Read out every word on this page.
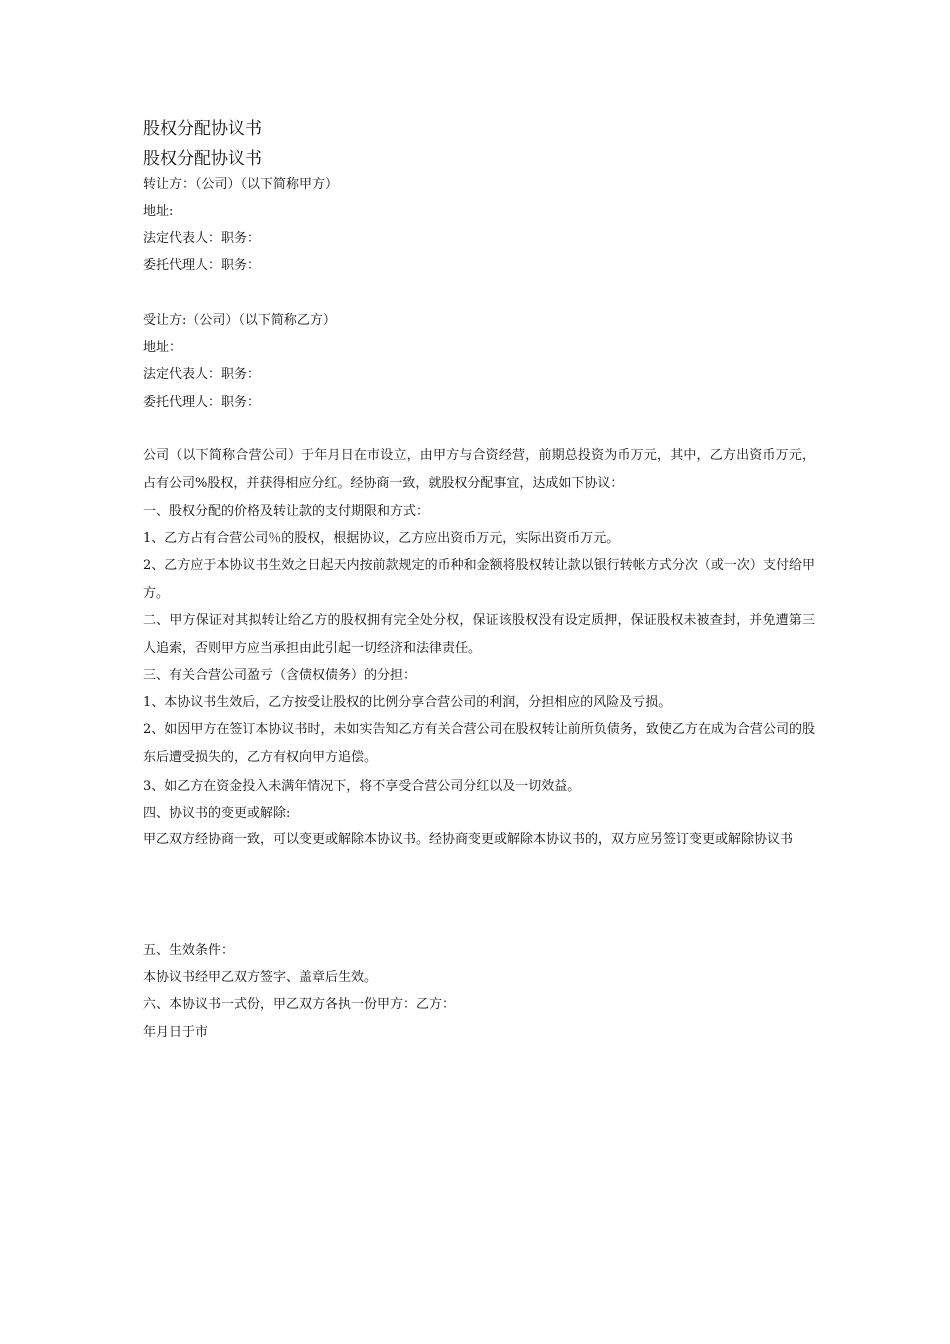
股权分配协议书
股权分配协议书
转让方：（公司）（以下简称甲方）
地址:
法定代表人：职务：
委托代理人：职务：
受让方:（公司）（以下简称乙方）
地址：
法定代表人：职务：
委托代理人：职务：
公司（以下简称合营公司）于年月日在市设立，由甲方与合资经营，前期总投资为币万元，其中，乙方出资币万元，占有公司%股权，并获得相应分红。经协商一致，就股权分配事宜，达成如下协议：
一、股权分配的价格及转让款的支付期限和方式：
1、乙方占有合营公司％的股权，根据协议，乙方应出资币万元，实际出资币万元。
2、乙方应于本协议书生效之日起天内按前款规定的币种和金额将股权转让款以银行转帐方式分次（或一次）支付给甲方。
二、甲方保证对其拟转让给乙方的股权拥有完全处分权，保证该股权没有设定质押，保证股权未被查封，并免遭第三人追索，否则甲方应当承担由此引起一切经济和法律责任。
三、有关合营公司盈亏（含债权债务）的分担：
1、本协议书生效后，乙方按受让股权的比例分享合营公司的利润，分担相应的风险及亏损。
2、如因甲方在签订本协议书时，未如实告知乙方有关合营公司在股权转让前所负债务，致使乙方在成为合营公司的股东后遭受损失的，乙方有权向甲方追偿。
3、如乙方在资金投入未满年情况下，将不享受合营公司分红以及一切效益。
四、协议书的变更或解除:
甲乙双方经协商一致，可以变更或解除本协议书。经协商变更或解除本协议书的，双方应另签订变更或解除协议书
五、生效条件：
本协议书经甲乙双方签字、盖章后生效。
六、本协议书一式份，甲乙双方各执一份甲方：乙方：
年月日于市
